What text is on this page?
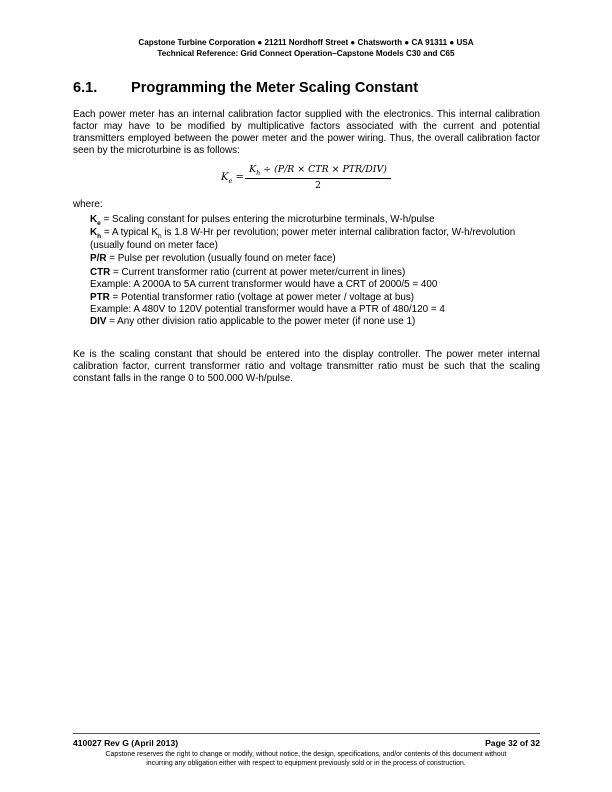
Capstone Turbine Corporation ● 21211 Nordhoff Street ● Chatsworth ● CA 91311 ● USA
Technical Reference: Grid Connect Operation–Capstone Models C30 and C65
6.1. Programming the Meter Scaling Constant
Each power meter has an internal calibration factor supplied with the electronics. This internal calibration factor may have to be modified by multiplicative factors associated with the current and potential transmitters employed between the power meter and the power wiring. Thus, the overall calibration factor seen by the microturbine is as follows:
$K_e$ =
$K_h \div (P/R$ × CTR × PTR/DIV)
2
where:
$K_e$ = Scaling constant for pulses entering the microturbine terminals, W-h/pulse
$K_h = A$ typical $K_h$ is 1.8 W-Hr per revolution; power meter internal calibration factor, W-h/revolution (usually found on meter face)
P/R = Pulse per revolution (usually found on meter face)
CTR = Current transformer ratio (current at power meter/current in lines)
Example: A 2000A to 5A current transformer would have a CRT of 2000/5 = 400
PTR = Potential transformer ratio (voltage at power meter / voltage at bus)
Example: A 480V to 120V potential transformer would have a PTR of 480/120 = 4
DIV = Any other division ratio applicable to the power meter (if none use 1)
Ke is the scaling constant that should be entered into the display controller. The power meter internal calibration factor, current transformer ratio and voltage transmitter ratio must be such that the scaling constant falls in the range 0 to 500.000 W-h/pulse.
410027 Rev G (April 2013)	Page 32 of 32
Capstone reserves the right to change or modify, without notice, the design, specifications, and/or contents of this document without
incurring any obligation either with respect to equipment previously sold or in the process of construction.
